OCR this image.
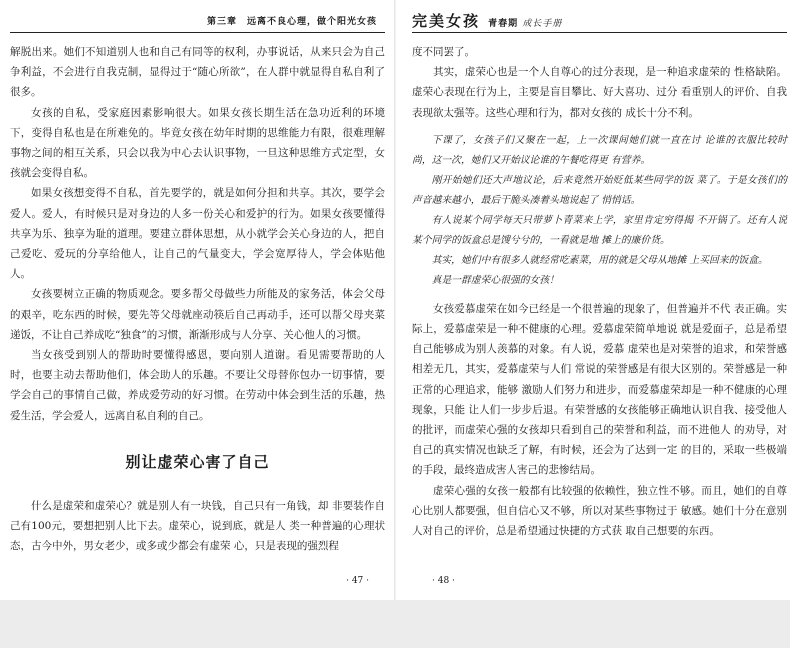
第三章　远离不良心理，做个阳光女孩

解脱出来。她们不知道别人也和自己有同等的权利，办事说话，从来只会为自己争利益，不会进行自我克制，显得过于“随心所欲”，在人群中就显得自私自利了很多。

女孩的自私，受家庭因素影响很大。如果女孩长期生活在急功近利的环境下，变得自私也是在所难免的。毕竟女孩在幼年时期的思维能力有限，很难理解事物之间的相互关系，只会以我为中心去认识事物，一旦这种思维方式定型，女孩就会变得自私。

如果女孩想变得不自私，首先要学的，就是如何分担和共享。其次，要学会爱人。爱人，有时候只是对身边的人多一份关心和爱护的行为。如果女孩要懂得共享为乐、独享为耻的道理。要建立群体思想，从小就学会关心身边的人，把自己爱吃、爱玩的分享给他人，让自己的气量变大，学会宽厚待人，学会体贴他人。

女孩要树立正确的物质观念。要多帮父母做些力所能及的家务活，体会父母的艰辛，吃东西的时候，要先等父母就座动筷后自己再动手，还可以帮父母夹菜递饭，不让自己养成吃“独食”的习惯，渐渐形成与人分享、关心他人的习惯。

当女孩受到别人的帮助时要懂得感恩，要向别人道谢。看见需要帮助的人时，也要主动去帮助他们，体会助人的乐趣。不要让父母替你包办一切事情，要学会自己的事情自己做，养成爱劳动的好习惯。在劳动中体会到生活的乐趣，热爱生活，学会爱人，远离自私自利的自己。

别让虚荣心害了自己

什么是虚荣和虚荣心？就是别人有一块钱，自己只有一角钱，却 非要装作自己有100元，要想把别人比下去。虚荣心，说到底，就是人 类一种普遍的心理状态，古今中外，男女老少，或多或少都会有虚荣 心，只是表现的强烈程

· 47 ·
完美女孩 青春期 成长手册

度不同罢了。

其实，虚荣心也是一个人自尊心的过分表现，是一种追求虚荣的 性格缺陷。虚荣心表现在行为上，主要是盲目攀比、好大喜功、过分 看重别人的评价、自我表现欲太强等。这些心理和行为，都对女孩的 成长十分不利。

下课了，女孩子们又聚在一起，上一次课间她们就一直在讨 论谁的衣服比较时尚，这一次，她们又开始议论谁的午餐吃得更 有营养。

刚开始她们还大声地议论，后来竟然开始贬低某些同学的饭 菜了。于是女孩们的声音越来越小，最后干脆头凑着头地说起了 悄悄话。

有人说某个同学每天只带萝卜青菜来上学，家里肯定穷得揭 不开锅了。还有人说某个同学的饭盒总是馊兮兮的，一看就是地 摊上的廉价货。

其实，她们中有很多人就经常吃素菜，用的就是父母从地摊 上买回来的饭盒。

真是一群虚荣心很强的女孩！

女孩爱慕虚荣在如今已经是一个很普遍的现象了，但普遍并不代 表正确。实际上，爱慕虚荣是一种不健康的心理。爱慕虚荣简单地说 就是爱面子，总是希望自己能够成为别人羡慕的对象。有人说，爱慕 虚荣也是对荣誉的追求，和荣誉感相差无几，其实，爱慕虚荣与人们 常说的荣誉感是有很大区别的。荣誉感是一种正常的心理追求，能够 激励人们努力和进步，而爱慕虚荣却是一种不健康的心理现象，只能 让人们一步步后退。有荣誉感的女孩能够正确地认识自我、接受他人 的批评，而虚荣心强的女孩却只看到自己的荣誉和利益，而不进他人 的劝导，对自己的真实情况也缺乏了解，有时候，还会为了达到一定 的目的，采取一些极端的手段，最终造成害人害己的悲惨结局。

虚荣心强的女孩一般都有比较强的依赖性，独立性不够。而且，她们的自尊心比别人都要强，但自信心又不够，所以对某些事物过于 敏感。她们十分在意别人对自己的评价，总是希望通过快捷的方式获 取自己想要的东西。

· 48 ·
